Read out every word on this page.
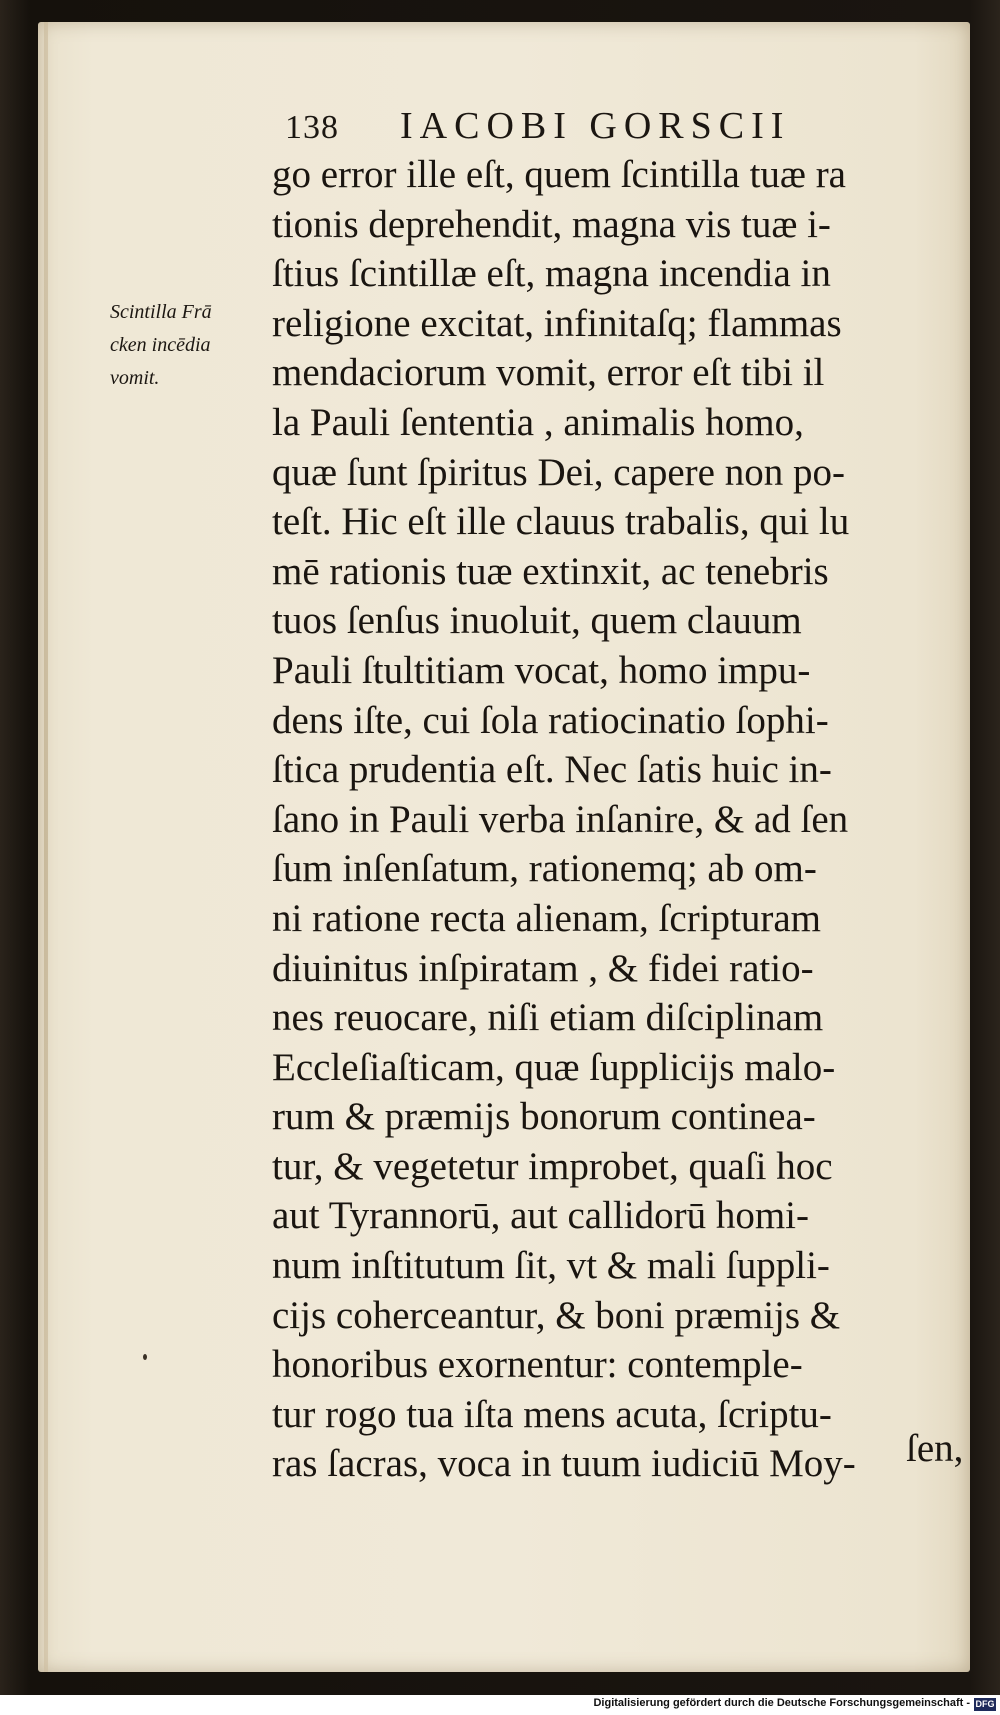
138 IACOBI GORSCII
Scintilla Frā
cken incēdia
vomit.
go error ille eſt, quem ſcintilla tuæ ra
tionis deprehendit, magna vis tuæ i-
ſtius ſcintillæ eſt, magna incendia in
religione excitat, infinitaſq; flammas
mendaciorum vomit, error eſt tibi il
la Pauli ſententia , animalis homo,
quæ ſunt ſpiritus Dei, capere non po-
teſt. Hic eſt ille clauus trabalis, qui lu
mē rationis tuæ extinxit, ac tenebris
tuos ſenſus inuoluit, quem clauum
Pauli ſtultitiam vocat, homo impu-
dens iſte, cui ſola ratiocinatio ſophi-
ſtica prudentia eſt. Nec ſatis huic in-
ſano in Pauli verba inſanire, & ad ſen
ſum inſenſatum, rationemq; ab om-
ni ratione recta alienam, ſcripturam
diuinitus inſpiratam , & fidei ratio-
nes reuocare, niſi etiam diſciplinam
Eccleſiaſticam, quæ ſupplicijs malo-
rum & præmijs bonorum continea-
tur, & vegetetur improbet, quaſi hoc
aut Tyrannorū, aut callidorū homi-
num inſtitutum ſit, vt & mali ſuppli-
cijs coherceantur, & boni præmijs &
honoribus exornentur: contemple-
tur rogo tua iſta mens acuta, ſcriptu-
ras ſacras, voca in tuum iudiciū Moy-	ſen,
Digitalisierung gefördert durch die Deutsche Forschungsgemeinschaft - DFG
